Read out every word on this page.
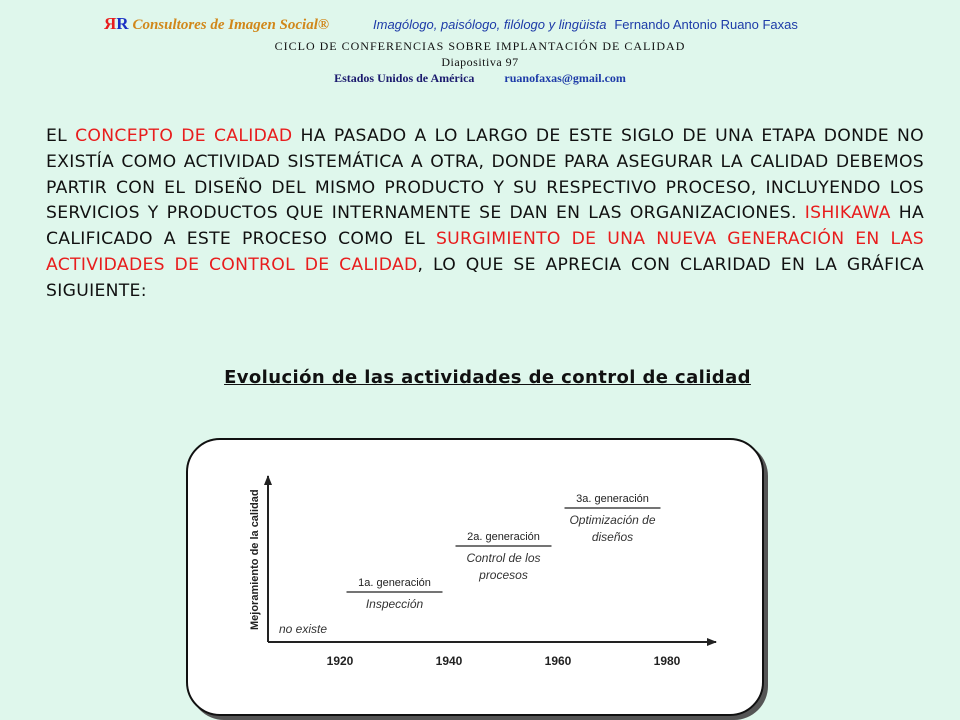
ЯR Consultores de Imagen Social®	Imagólogo, paisólogo, filólogo y lingüista Fernando Antonio Ruano Faxas
CICLO DE CONFERENCIAS SOBRE IMPLANTACIÓN DE CALIDAD
Diapositiva 97
Estados Unidos de América	ruanofaxas@gmail.com
EL CONCEPTO DE CALIDAD HA PASADO A LO LARGO DE ESTE SIGLO DE UNA ETAPA DONDE NO EXISTÍA COMO ACTIVIDAD SISTEMÁTICA A OTRA, DONDE PARA ASEGURAR LA CALIDAD DEBEMOS PARTIR CON EL DISEÑO DEL MISMO PRODUCTO Y SU RESPECTIVO PROCESO, INCLUYENDO LOS SERVICIOS Y PRODUCTOS QUE INTERNAMENTE SE DAN EN LAS ORGANIZACIONES. ISHIKAWA HA CALIFICADO A ESTE PROCESO COMO EL SURGIMIENTO DE UNA NUEVA GENERACIÓN EN LAS ACTIVIDADES DE CONTROL DE CALIDAD, LO QUE SE APRECIA CON CLARIDAD EN LA GRÁFICA SIGUIENTE:
Evolución de las actividades de control de calidad
Mejoramiento de la calidad
1920	1940	1960	1980
no existe
1a. generación
Inspección
2a. generación
Control de los
procesos
3a. generación
Optimización de
diseños
